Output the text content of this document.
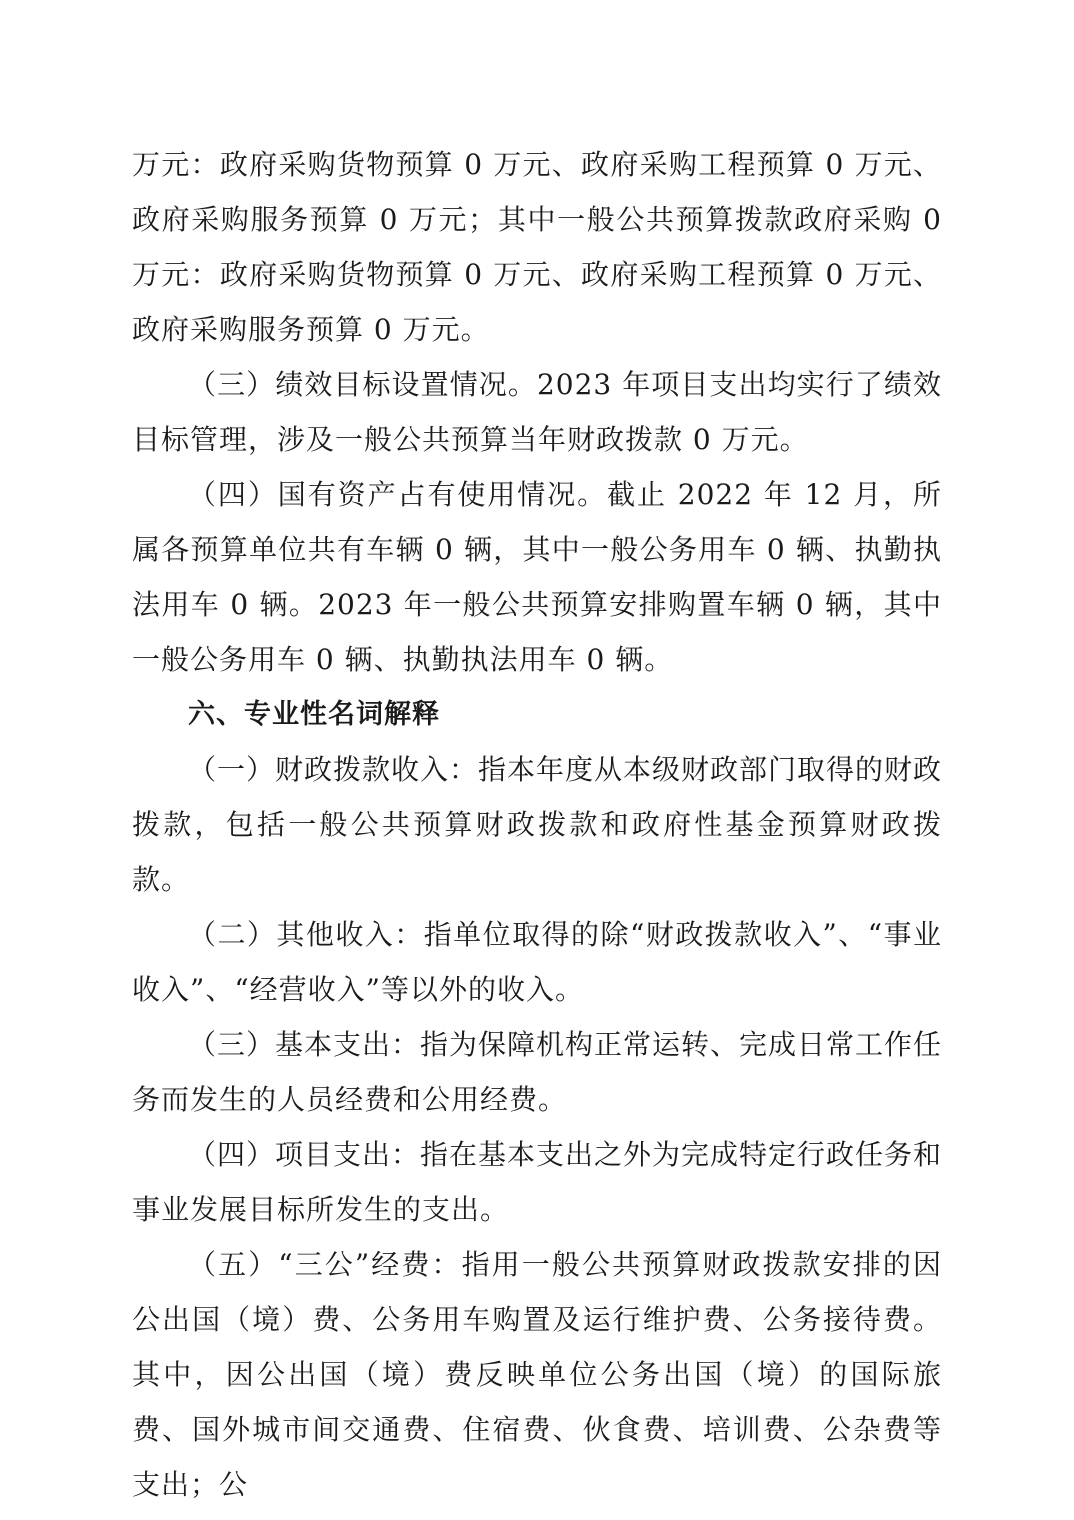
万元：政府采购货物预算 0 万元、政府采购工程预算 0 万元、政府采购服务预算 0 万元；其中一般公共预算拨款政府采购 0 万元：政府采购货物预算 0 万元、政府采购工程预算 0 万元、政府采购服务预算 0 万元。

（三）绩效目标设置情况。2023 年项目支出均实行了绩效目标管理，涉及一般公共预算当年财政拨款 0 万元。

（四）国有资产占有使用情况。截止 2022 年 12 月，所属各预算单位共有车辆 0 辆，其中一般公务用车 0 辆、执勤执法用车 0 辆。2023 年一般公共预算安排购置车辆 0 辆，其中一般公务用车 0 辆、执勤执法用车 0 辆。

六、专业性名词解释

（一）财政拨款收入：指本年度从本级财政部门取得的财政拨款，包括一般公共预算财政拨款和政府性基金预算财政拨款。

（二）其他收入：指单位取得的除“财政拨款收入”、“事业收入”、“经营收入”等以外的收入。

（三）基本支出：指为保障机构正常运转、完成日常工作任务而发生的人员经费和公用经费。

（四）项目支出：指在基本支出之外为完成特定行政任务和事业发展目标所发生的支出。

（五）“三公”经费：指用一般公共预算财政拨款安排的因公出国（境）费、公务用车购置及运行维护费、公务接待费。其中，因公出国（境）费反映单位公务出国（境）的国际旅费、国外城市间交通费、住宿费、伙食费、培训费、公杂费等支出；公
